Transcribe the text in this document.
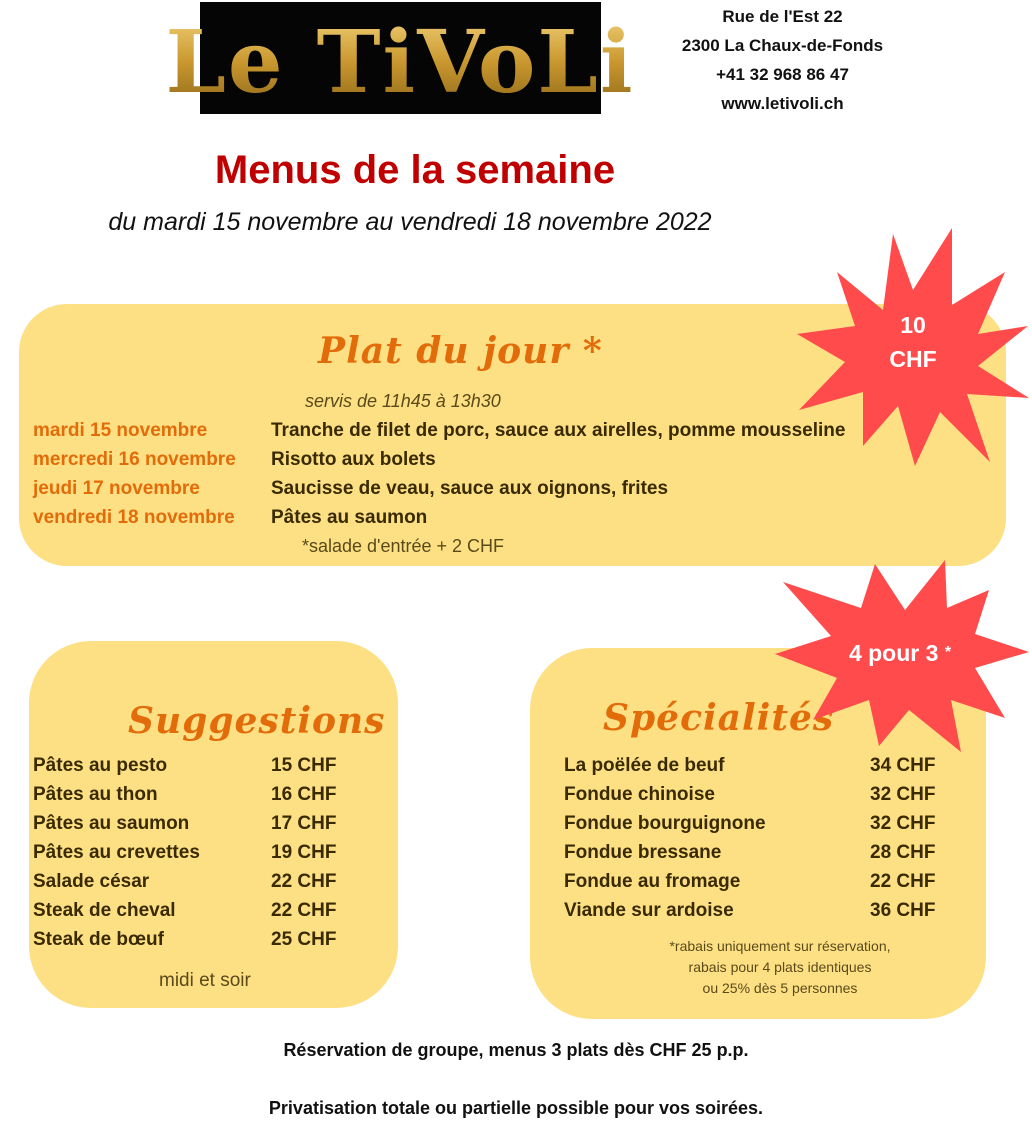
Le TiVoLi	Rue de l'Est 22
2300 La Chaux-de-Fonds
+41 32 968 86 47
www.letivoli.ch
Menus de la semaine

du mardi 15 novembre au vendredi 18 novembre 2022

Plat du jour *
servis de 11h45 à 13h30
mardi 15 novembre	Tranche de filet de porc, sauce aux airelles, pomme mousseline
mercredi 16 novembre Risotto aux bolets
jeudi 17 novembre	Saucisse de veau, sauce aux oignons, frites
vendredi 18 novembre Pâtes au saumon
*salade d'entrée + 2 CHF
Suggestions
Pâtes au pesto	15 CHF
Pâtes au thon	16 CHF
Pâtes au saumon	17 CHF
Pâtes au crevettes	19 CHF
Salade césar	22 CHF
Steak de cheval	22 CHF
Steak de bœuf	25 CHF
midi et soir
Spécialités
La poëlée de beuf	34 CHF
Fondue chinoise	32 CHF
Fondue bourguignone	32 CHF
Fondue bressane	28 CHF
Fondue au fromage	22 CHF
Viande sur ardoise	36 CHF
*rabais uniquement sur réservation,
rabais pour 4 plats identiques
ou 25% dès 5 personnes
10
CHF
4 pour 3 *
Réservation de groupe, menus 3 plats dès CHF 25 p.p.
Privatisation totale ou partielle possible pour vos soirées.
